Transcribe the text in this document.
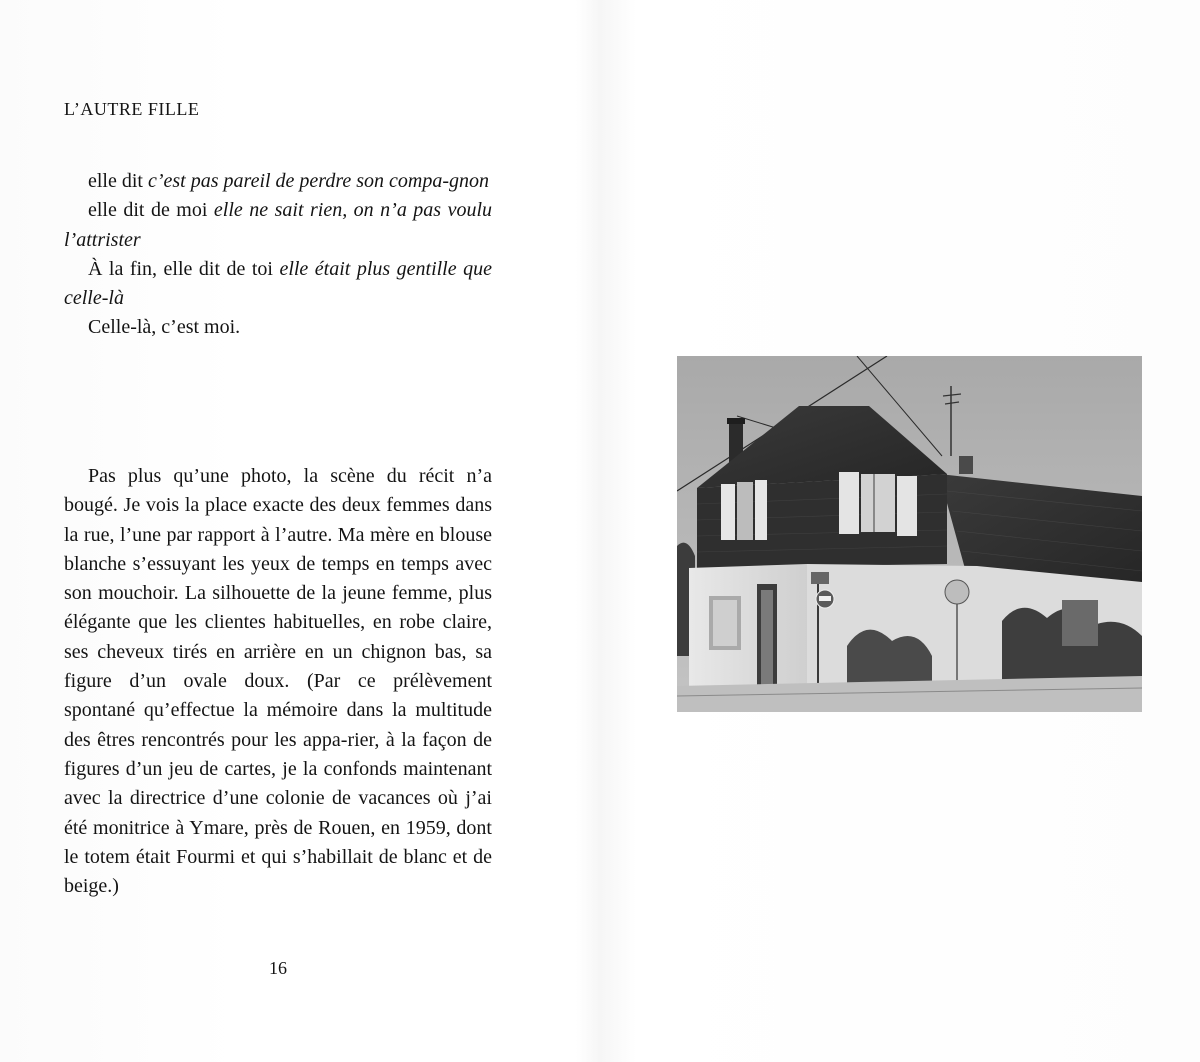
L’AUTRE FILLE

elle dit c’est pas pareil de perdre son compa-gnon

elle dit de moi elle ne sait rien, on n’a pas voulu l’attrister

À la fin, elle dit de toi elle était plus gentille que celle-là

Celle-là, c’est moi.

Pas plus qu’une photo, la scène du récit n’a bougé. Je vois la place exacte des deux femmes dans la rue, l’une par rapport à l’autre. Ma mère en blouse blanche s’essuyant les yeux de temps en temps avec son mouchoir. La silhouette de la jeune femme, plus élégante que les clientes habituelles, en robe claire, ses cheveux tirés en arrière en un chignon bas, sa figure d’un ovale doux. (Par ce prélèvement spontané qu’effectue la mémoire dans la multitude des êtres rencontrés pour les appa-rier, à la façon de figures d’un jeu de cartes, je la confonds maintenant avec la directrice d’une colonie de vacances où j’ai été monitrice à Ymare, près de Rouen, en 1959, dont le totem était Fourmi et qui s’habillait de blanc et de beige.)

16
